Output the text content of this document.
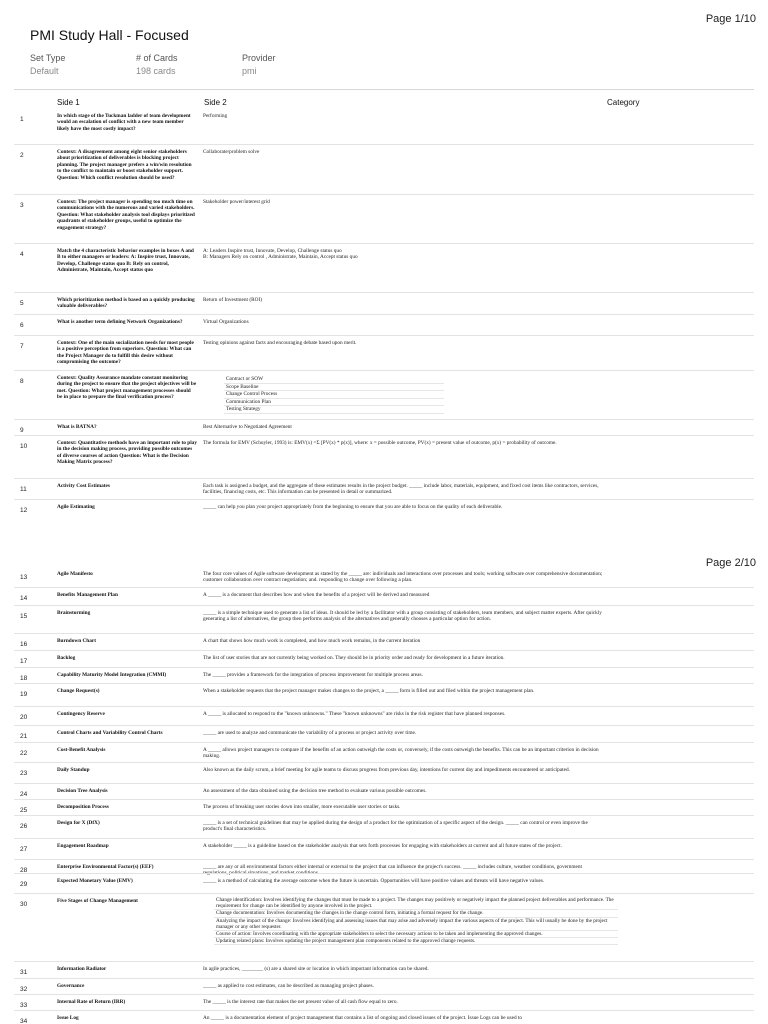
Page 1/10
PMI Study Hall - Focused
Set Type
Default
# of Cards
198 cards
Provider
pmi
Side 1	Side 2	Category
Page 2/10
1	In which stage of the Tuckman ladder of team development would an escalation of conflict with a new team member likely have the most costly impact?
Performing
2	Context: A disagreement among eight senior stakeholders about prioritization of deliverables is blocking project planning. The project manager prefers a win/win resolution to the conflict to maintain or boost stakeholder support. Question: Which conflict resolution should be used?
Collaborate/problem solve
3	Context: The project manager is spending too much time on communications with the numerous and varied stakeholders. Question: What stakeholder analysis tool displays prioritized quadrants of stakeholder groups, useful to optimize the engagement strategy?
Stakeholder power/interest grid
4	Match the 4 characteristic behavior examples in boxes A and B to either managers or leaders: A: Inspire trust, Innovate, Develop, Challenge status quo B: Rely on control, Administrate, Maintain, Accept status quo
A: Leaders Inspire trust, Innovate, Develop, Challenge status quo
B: Managers Rely on control , Administrate, Maintain, Accept status quo
5	Which prioritization method is based on a quickly producing valuable deliverables?
Return of Investment (ROI)
6	What is another term defining Network Organizations?	Virtual Organizations
7	Context: One of the main socialization needs for most people is a positive perception from superiors. Question: What can the Project Manager do to fulfill this desire without compromising the outcome?
Testing opinions against facts and encouraging debate based upon merit.
8	Context: Quality Assurance mandate constant monitoring during the project to ensure that the project objectives will be met. Question: What project management processes should be in place to prepare the final verification process?
Contract or SOW
Scope Baseline
Change Control Process
Communication Plan
Testing Strategy
9	What is BATNA?	Best Alternative to Negotiated Agreement
10	Context: Quantitative methods have an important role to play in the decision making process, providing possible outcomes of diverse courses of action Question: What is the Decision Making Matrix process?
The formula for EMV (Schuyler, 1993) is: EMV(x) =Σ [PV(x) * p(x)], where: x = possible outcome, PV(x) = present value of outcome, p(x) = probability of outcome.
11	Activity Cost Estimates	Each task is assigned a budget, and the aggregate of these estimates results in the project budget. _____ include labor, materials, equipment, and fixed cost items like contractors, services, facilities, financing costs, etc. This information can be presented in detail or summarized.
12	Agile Estimating	_____ can help you plan your project appropriately from the beginning to ensure that you are able to focus on the quality of each deliverable.
13	Agile Manifesto	The four core values of Agile software development as stated by the _____ are: individuals and interactions over processes and tools; working software over comprehensive documentation; customer collaboration over contract negotiation; and. responding to change over following a plan.
14	Benefits Management Plan	A _____ is a document that describes how and when the benefits of a project will be derived and measured
15	Brainstorming	_____ is a simple technique used to generate a list of ideas. It should be led by a facilitator with a group consisting of stakeholders, team members, and subject matter experts. After quickly generating a list of alternatives, the group then performs analysis of the alternatives and generally chooses a particular option for action.
16	Burndown Chart	A chart that shows how much work is completed, and how much work remains, in the current iteration
17	Backlog	The list of user stories that are not currently being worked on. They should be in priority order and ready for development in a future iteration.
18	Capability Maturity Model Integration (CMMI)	The _____ provides a framework for the integration of process improvement for multiple process areas.
19	Change Request(s)	When a stakeholder requests that the project manager makes changes to the project, a _____ form is filled out and filed within the project management plan.
20	Contingency Reserve	A _____ is allocated to respond to the "known unknowns." These "known unknowns" are risks in the risk register that have planned responses.
21	Control Charts and Variability Control Charts	_____ are used to analyze and communicate the variability of a process or project activity over time.
22	Cost-Benefit Analysis	A _____ allows project managers to compare if the benefits of an action outweigh the costs or, conversely, if the costs outweigh the benefits. This can be an important criterion in decision making.
23	Daily Standup	Also known as the daily scrum, a brief meeting for agile teams to discuss progress from previous day, intentions for current day and impediments encountered or anticipated.
24	Decision Tree Analysis	An assessment of the data obtained using the decision tree method to evaluate various possible outcomes.
25	Decomposition Process	The process of breaking user stories down into smaller, more executable user stories or tasks.
26	Design for X (DfX)	_____ is a set of technical guidelines that may be applied during the design of a product for the optimization of a specific aspect of the design. _____ can control or even improve the product's final characteristics.
27	Engagement Roadmap	A stakeholder _____ is a guideline based on the stakeholder analysis that sets forth processes for engaging with stakeholders at current and all future states of the project.
28	Enterprise Environmental Factor(s) (EEF)	_____ are any or all environmental factors either internal or external to the project that can influence the project's success. _____ includes culture, weather conditions, government regulations, political situations ,and market conditions.
29	Expected Monetary Value (EMV)	_____ is a method of calculating the average outcome when the future is uncertain. Opportunities will have positive values and threats will have negative values.
30	Five Stages of Change Management	Change identification: Involves identifying the changes that must be made to a project. The changes may positively or negatively impact the planned project deliverables and performance. The requirement for change can be identified by anyone involved in the project.
Change documentation: Involves documenting the changes in the change control form, initiating a formal request for the change.
Analyzing the impact of the change: Involves identifying and assessing issues that may arise and adversely impact the various aspects of the project. This will usually be done by the project manager or any other requester.
Course of action: Involves coordinating with the appropriate stakeholders to select the necessary actions to be taken and implementing the approved changes.
Updating related plans: Involves updating the project management plan components related to the approved change requests.
31	Information Radiator	In agile practices, ________ (s) are a shared site or location in which important information can be shared.
32	Governance	_____ as applied to cost estimates, can be described as managing project phases.
33	Internal Rate of Return (IRR)	The _____ is the interest rate that makes the net present value of all cash flow equal to zero.
34	Issue Log	An _____ is a documentation element of project management that contains a list of ongoing and closed issues of the project. Issue Logs can be used to
